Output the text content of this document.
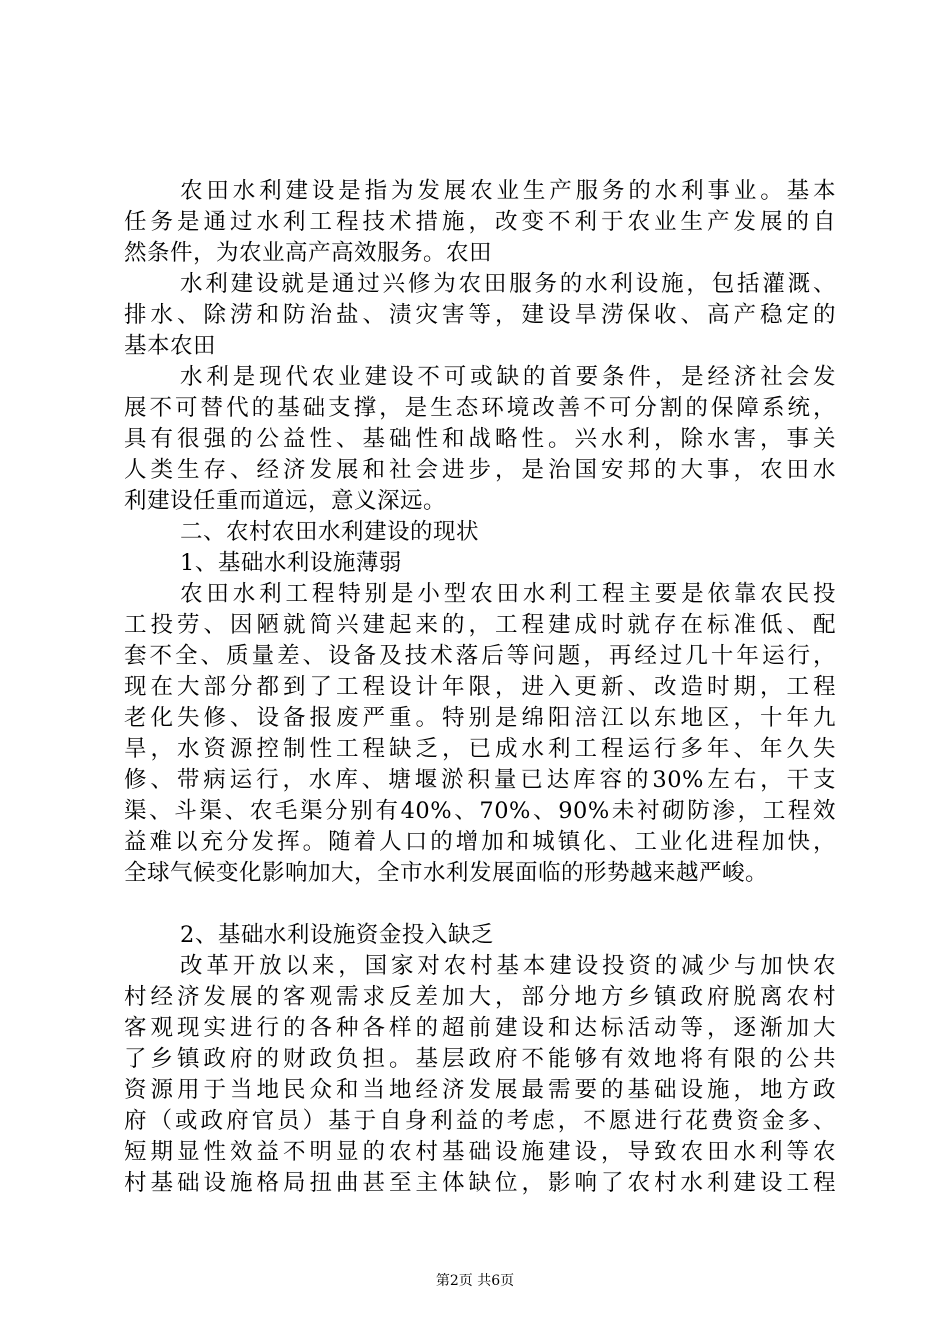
农田水利建设是指为发展农业生产服务的水利事业。基本
任务是通过水利工程技术措施，改变不利于农业生产发展的自
然条件，为农业高产高效服务。农田
水利建设就是通过兴修为农田服务的水利设施，包括灌溉、
排水、除涝和防治盐、渍灾害等，建设旱涝保收、高产稳定的
基本农田
水利是现代农业建设不可或缺的首要条件，是经济社会发
展不可替代的基础支撑，是生态环境改善不可分割的保障系统，
具有很强的公益性、基础性和战略性。兴水利，除水害，事关
人类生存、经济发展和社会进步，是治国安邦的大事，农田水
利建设任重而道远，意义深远。
二、农村农田水利建设的现状
1、基础水利设施薄弱
农田水利工程特别是小型农田水利工程主要是依靠农民投
工投劳、因陋就简兴建起来的，工程建成时就存在标准低、配
套不全、质量差、设备及技术落后等问题，再经过几十年运行，
现在大部分都到了工程设计年限，进入更新、改造时期，工程
老化失修、设备报废严重。特别是绵阳涪江以东地区，十年九
旱，水资源控制性工程缺乏，已成水利工程运行多年、年久失
修、带病运行，水库、塘堰淤积量已达库容的30%左右，干支
渠、斗渠、农毛渠分别有40%、70%、90%未衬砌防渗，工程效
益难以充分发挥。随着人口的增加和城镇化、工业化进程加快，
全球气候变化影响加大，全市水利发展面临的形势越来越严峻。
2、基础水利设施资金投入缺乏
改革开放以来，国家对农村基本建设投资的减少与加快农
村经济发展的客观需求反差加大，部分地方乡镇政府脱离农村
客观现实进行的各种各样的超前建设和达标活动等，逐渐加大
了乡镇政府的财政负担。基层政府不能够有效地将有限的公共
资源用于当地民众和当地经济发展最需要的基础设施，地方政
府（或政府官员）基于自身利益的考虑，不愿进行花费资金多、
短期显性效益不明显的农村基础设施建设，导致农田水利等农
村基础设施格局扭曲甚至主体缺位，影响了农村水利建设工程
第2页 共6页
